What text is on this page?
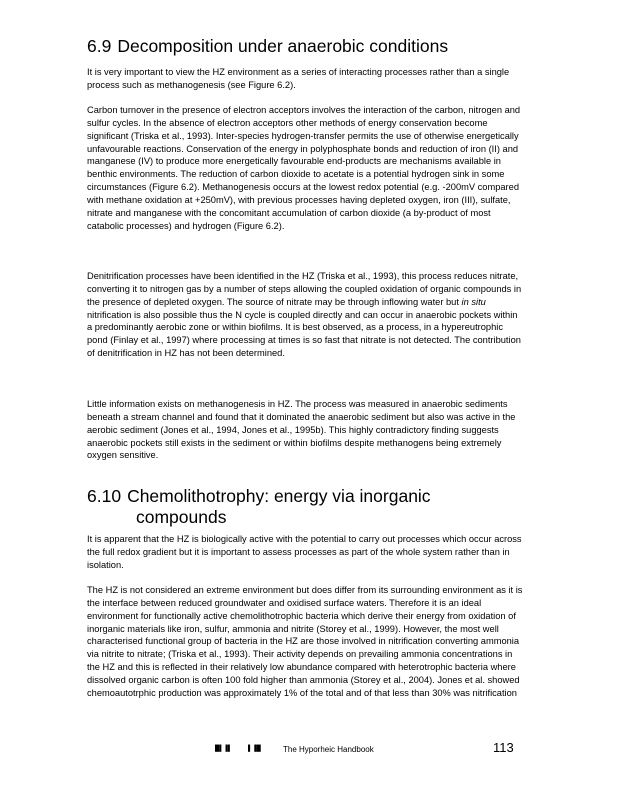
6.9 Decomposition under anaerobic conditions

It is very important to view the HZ environment as a series of interacting processes rather than a single process such as methanogenesis (see Figure 6.2).

Carbon turnover in the presence of electron acceptors involves the interaction of the carbon, nitrogen and sulfur cycles. In the absence of electron acceptors other methods of energy conservation become significant (Triska et al., 1993). Inter-species hydrogen-transfer permits the use of otherwise energetically unfavourable reactions. Conservation of the energy in polyphosphate bonds and reduction of iron (II) and manganese (IV) to produce more energetically favourable end-products are mechanisms available in benthic environments. The reduction of carbon dioxide to acetate is a potential hydrogen sink in some circumstances (Figure 6.2). Methanogenesis occurs at the lowest redox potential (e.g. -200mV compared with methane oxidation at +250mV), with previous processes having depleted oxygen, iron (III), sulfate, nitrate and manganese with the concomitant accumulation of carbon dioxide (a by-product of most catabolic processes) and hydrogen (Figure 6.2).

Denitrification processes have been identified in the HZ (Triska et al., 1993), this process reduces nitrate, converting it to nitrogen gas by a number of steps allowing the coupled oxidation of organic compounds in the presence of depleted oxygen. The source of nitrate may be through inflowing water but in situ nitrification is also possible thus the N cycle is coupled directly and can occur in anaerobic pockets within a predominantly aerobic zone or within biofilms. It is best observed, as a process, in a hypereutrophic pond (Finlay et al., 1997) where processing at times is so fast that nitrate is not detected. The contribution of denitrification in HZ has not been determined.

Little information exists on methanogenesis in HZ. The process was measured in anaerobic sediments beneath a stream channel and found that it dominated the anaerobic sediment but also was active in the aerobic sediment (Jones et al., 1994, Jones et al., 1995b). This highly contradictory finding suggests anaerobic pockets still exists in the sediment or within biofilms despite methanogens being extremely oxygen sensitive.

6.10 Chemolithotrophy: energy via inorganic
compounds

It is apparent that the HZ is biologically active with the potential to carry out processes which occur across the full redox gradient but it is important to assess processes as part of the whole system rather than in isolation.

The HZ is not considered an extreme environment but does differ from its surrounding environment as it is the interface between reduced groundwater and oxidised surface waters. Therefore it is an ideal environment for functionally active chemolithotrophic bacteria which derive their energy from oxidation of inorganic materials like iron, sulfur, ammonia and nitrite (Storey et al., 1999). However, the most well characterised functional group of bacteria in the HZ are those involved in nitrification converting ammonia via nitrite to nitrate; (Triska et al., 1993). Their activity depends on prevailing ammonia concentrations in the HZ and this is reflected in their relatively low abundance compared with heterotrophic bacteria where dissolved organic carbon is often 100 fold higher than ammonia (Storey et al., 2004). Jones et al. showed chemoautotrphic production was approximately 1% of the total and of that less than 30% was nitrification

█▌▐▌	▌▐█	The Hyporheic Handbook	113
